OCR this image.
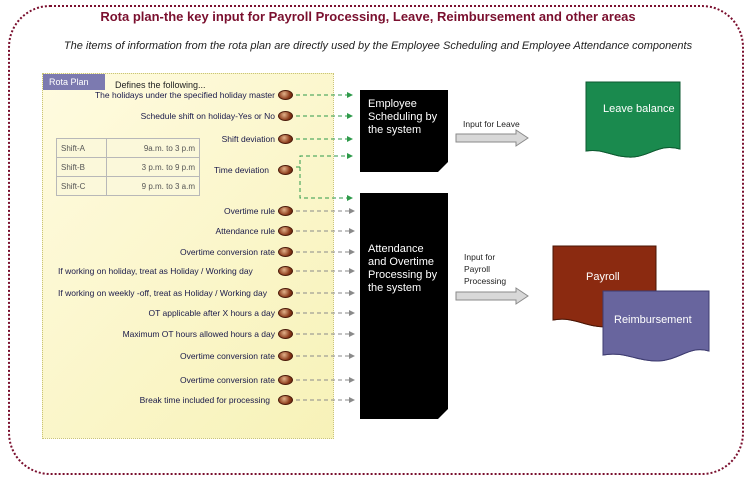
Rota plan-the key input for Payroll Processing, Leave, Reimbursement and other areas
The items of information from the rota plan are directly used by the Employee Scheduling and Employee Attendance components
Rota Plan	Defines the following...
The holidays under the specified holiday master
Schedule shift on holiday-Yes or No
Shift deviation
Time deviation
Overtime rule
Attendance rule
Overtime conversion rate
If working on holiday, treat as Holiday / Working day
If working on weekly -off, treat as Holiday / Working day
OT applicable after X hours a day
Maximum OT hours allowed hours a day
Overtime conversion rate
Overtime conversion rate
Break time included for processing
Shift-A	9a.m. to 3 p.m
Shift-B	3 p.m. to 9 p.m
Shift-C	9 p.m. to 3 a.m
Employee Scheduling by the system
Attendance and Overtime Processing by the system
Input for Leave
Input for Payroll Processing
Leave balance
Payroll
Reimbursement
